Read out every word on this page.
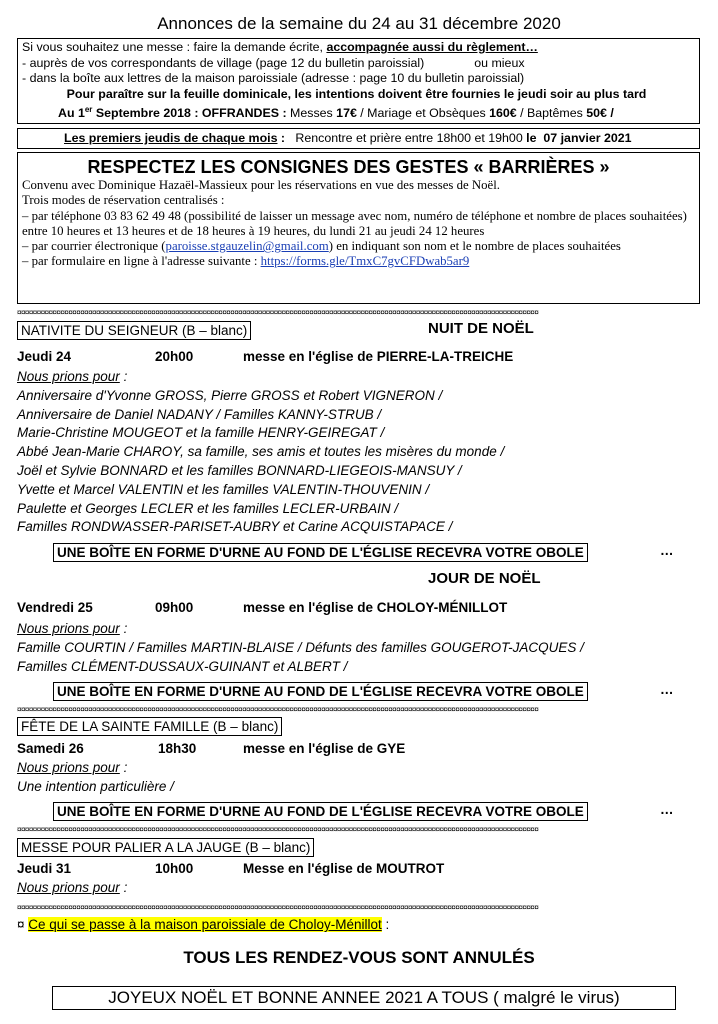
Annonces de la semaine du 24 au 31 décembre 2020
Si vous souhaitez une messe : faire la demande écrite, accompagnée aussi du règlement…
- auprès de vos correspondants de village (page 12 du bulletin paroissial)	ou mieux
- dans la boîte aux lettres de la maison paroissiale (adresse : page 10 du bulletin paroissial)
Pour paraître sur la feuille dominicale, les intentions doivent être fournies le jeudi soir au plus tard
Au 1er Septembre 2018 : OFFRANDES : Messes 17€ / Mariage et Obsèques 160€ / Baptêmes 50€ /
Les premiers jeudis de chaque mois :   Rencontre et prière entre 18h00 et 19h00 le 07 janvier 2021
RESPECTEZ LES CONSIGNES DES GESTES « BARRIÈRES »
Convenu avec Dominique Hazaël-Massieux pour les réservations en vue des messes de Noël.
Trois modes de réservation centralisés :
– par téléphone 03 83 62 49 48 (possibilité de laisser un message avec nom, numéro de téléphone et nombre de places souhaitées) entre 10 heures et 13 heures et de 18 heures à 19 heures, du lundi 21 au jeudi 24 12 heures
– par courrier électronique (paroisse.stgauzelin@gmail.com) en indiquant son nom et le nombre de places souhaitées
– par formulaire en ligne à l'adresse suivante : https://forms.gle/TmxC7gvCFDwab5ar9
¤¤¤¤¤¤¤¤¤¤¤¤¤¤¤¤¤¤¤¤¤¤¤¤¤¤¤¤¤¤¤¤¤¤¤¤¤¤¤¤¤¤¤¤¤¤¤¤¤¤¤¤¤¤¤¤¤¤¤¤¤¤¤¤¤¤¤¤¤¤¤¤¤¤¤¤¤¤¤¤¤¤¤¤¤¤¤¤¤¤¤¤¤¤¤¤¤¤¤¤¤¤¤¤¤¤¤¤¤¤¤¤¤¤¤¤¤¤¤¤¤¤¤¤¤¤¤¤¤¤¤¤
NATIVITE DU SEIGNEUR (B – blanc)	NUIT DE NOËL
Jeudi 24	20h00	messe en l'église de PIERRE-LA-TREICHE
Nous prions pour :
Anniversaire d'Yvonne GROSS, Pierre GROSS et Robert VIGNERON /
Anniversaire de Daniel NADANY / Familles KANNY-STRUB /
Marie-Christine MOUGEOT et la famille HENRY-GEIREGAT /
Abbé Jean-Marie CHAROY, sa famille, ses amis et toutes les misères du monde /
Joël et Sylvie BONNARD et les familles BONNARD-LIEGEOIS-MANSUY /
Yvette et Marcel VALENTIN et les familles VALENTIN-THOUVENIN /
Paulette et Georges LECLER et les familles LECLER-URBAIN /
Familles RONDWASSER-PARISET-AUBRY et Carine ACQUISTAPACE /
UNE BOÎTE EN FORME D'URNE AU FOND DE L'ÉGLISE RECEVRA VOTRE OBOLE	…
JOUR DE NOËL
Vendredi 25	09h00	messe en l'église de CHOLOY-MÉNILLOT
Nous prions pour :
Famille COURTIN / Familles MARTIN-BLAISE / Défunts des familles GOUGEROT-JACQUES /
Familles CLÉMENT-DUSSAUX-GUINANT et ALBERT /
UNE BOÎTE EN FORME D'URNE AU FOND DE L'ÉGLISE RECEVRA VOTRE OBOLE	…
¤¤¤¤¤¤¤¤¤¤¤¤¤¤¤¤¤¤¤¤¤¤¤¤¤¤¤¤¤¤¤¤¤¤¤¤¤¤¤¤¤¤¤¤¤¤¤¤¤¤¤¤¤¤¤¤¤¤¤¤¤¤¤¤¤¤¤¤¤¤¤¤¤¤¤¤¤¤¤¤¤¤¤¤¤¤¤¤¤¤¤¤¤¤¤¤¤¤¤¤¤¤¤¤¤¤¤¤¤¤¤¤¤¤¤¤¤¤¤¤¤¤¤¤¤¤¤¤¤¤¤¤
FÊTE DE LA SAINTE FAMILLE (B – blanc)
Samedi 26	18h30	messe en l'église de GYE
Nous prions pour :
Une intention particulière /
UNE BOÎTE EN FORME D'URNE AU FOND DE L'ÉGLISE RECEVRA VOTRE OBOLE	…
¤¤¤¤¤¤¤¤¤¤¤¤¤¤¤¤¤¤¤¤¤¤¤¤¤¤¤¤¤¤¤¤¤¤¤¤¤¤¤¤¤¤¤¤¤¤¤¤¤¤¤¤¤¤¤¤¤¤¤¤¤¤¤¤¤¤¤¤¤¤¤¤¤¤¤¤¤¤¤¤¤¤¤¤¤¤¤¤¤¤¤¤¤¤¤¤¤¤¤¤¤¤¤¤¤¤¤¤¤¤¤¤¤¤¤¤¤¤¤¤¤¤¤¤¤¤¤¤¤¤¤¤
MESSE POUR PALIER A LA JAUGE (B – blanc)
Jeudi 31	10h00	Messe en l'église de MOUTROT
Nous prions pour :
¤¤¤¤¤¤¤¤¤¤¤¤¤¤¤¤¤¤¤¤¤¤¤¤¤¤¤¤¤¤¤¤¤¤¤¤¤¤¤¤¤¤¤¤¤¤¤¤¤¤¤¤¤¤¤¤¤¤¤¤¤¤¤¤¤¤¤¤¤¤¤¤¤¤¤¤¤¤¤¤¤¤¤¤¤¤¤¤¤¤¤¤¤¤¤¤¤¤¤¤¤¤¤¤¤¤¤¤¤¤¤¤¤¤¤¤¤¤¤¤¤¤¤¤¤¤¤¤¤¤¤¤
¤ Ce qui se passe à la maison paroissiale de Choloy-Ménillot :
TOUS LES RENDEZ-VOUS SONT ANNULÉS
JOYEUX NOËL ET BONNE ANNEE 2021 A TOUS ( malgré le virus)
